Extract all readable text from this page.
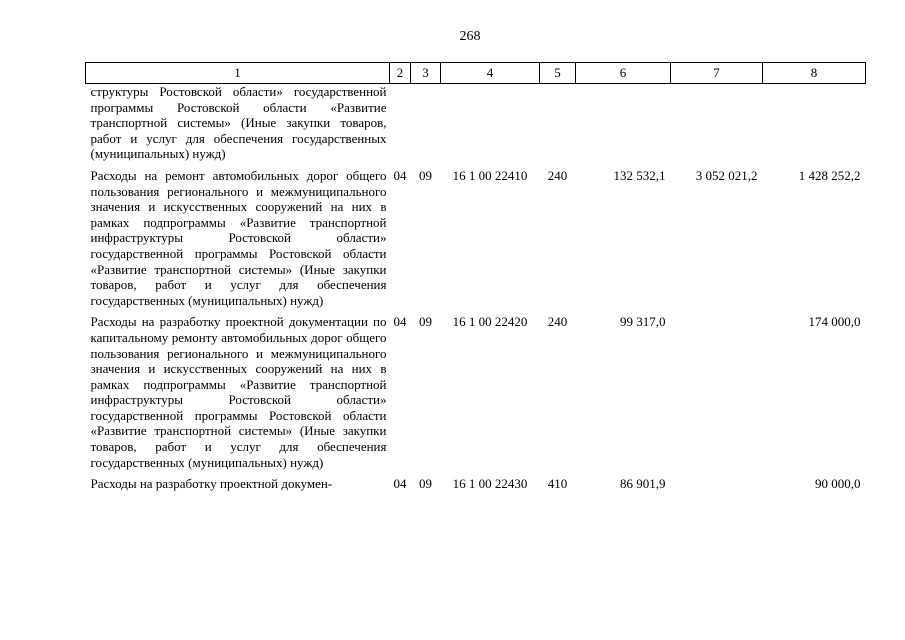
268
1	2	3	4	5	6	7	8
структуры Ростовской области» государственной программы Ростовской области «Развитие транспортной системы» (Иные закупки товаров, работ и услуг для обеспечения государственных (муниципальных) нужд)							
Расходы на ремонт автомобильных дорог общего пользования регионального и межмуниципального значения и искусственных сооружений на них в рамках подпрограммы «Развитие транспортной инфраструктуры Ростовской области» государственной программы Ростовской области «Развитие транспортной системы» (Иные закупки товаров, работ и услуг для обеспечения государственных (муниципальных) нужд)	04	09	16 1 00 22410	240	132 532,1	3 052 021,2	1 428 252,2
Расходы на разработку проектной документации по капитальному ремонту автомобильных дорог общего пользования регионального и межмуниципального значения и искусственных сооружений на них в рамках подпрограммы «Развитие транспортной инфраструктуры Ростовской области» государственной программы Ростовской области «Развитие транспортной системы» (Иные закупки товаров, работ и услуг для обеспечения государственных (муниципальных) нужд)	04	09	16 1 00 22420	240	99 317,0		174 000,0
Расходы на разработку проектной докумен-	04	09	16 1 00 22430	410	86 901,9		90 000,0
